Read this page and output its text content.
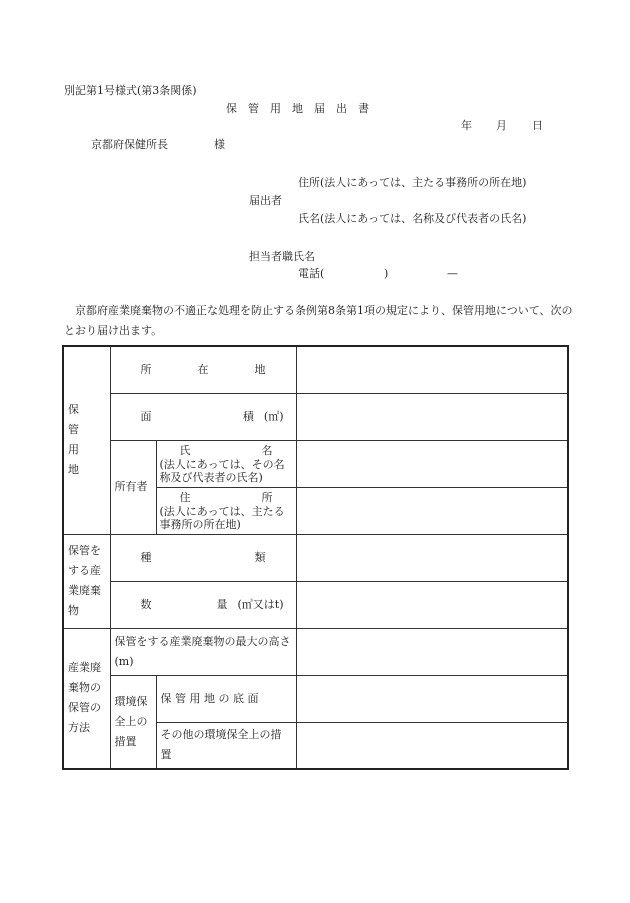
別記第1号様式(第3条関係)
保　管　用　地　届　出　書
年 月 日
京都府保健所長	様
住所(法人にあっては、主たる事務所の所在地)
届出者
氏名(法人にあっては、名称及び代表者の氏名)
担当者職氏名
電話(	)	—
京都府産業廃棄物の不適正な処理を防止する条例第8条第1項の規定により、保管用地について、次のとおり届け出ます。
保 管 用 地	所 在 地		

	面 積 (㎡)		

	所有者	氏 名
(法人にあっては、その名称及び代表者の氏名)	

		住 所
(法人にあっては、主たる事務所の所在地)	

保管をする産業廃棄物	種 類		

	数 量 (㎥又はt)		

産業廃棄物の保管の方法	保管をする産業廃棄物の最大の高さ(m)		

	環境保全上の措置	保 管 用 地 の 底 面	

		その他の環境保全上の措置	
